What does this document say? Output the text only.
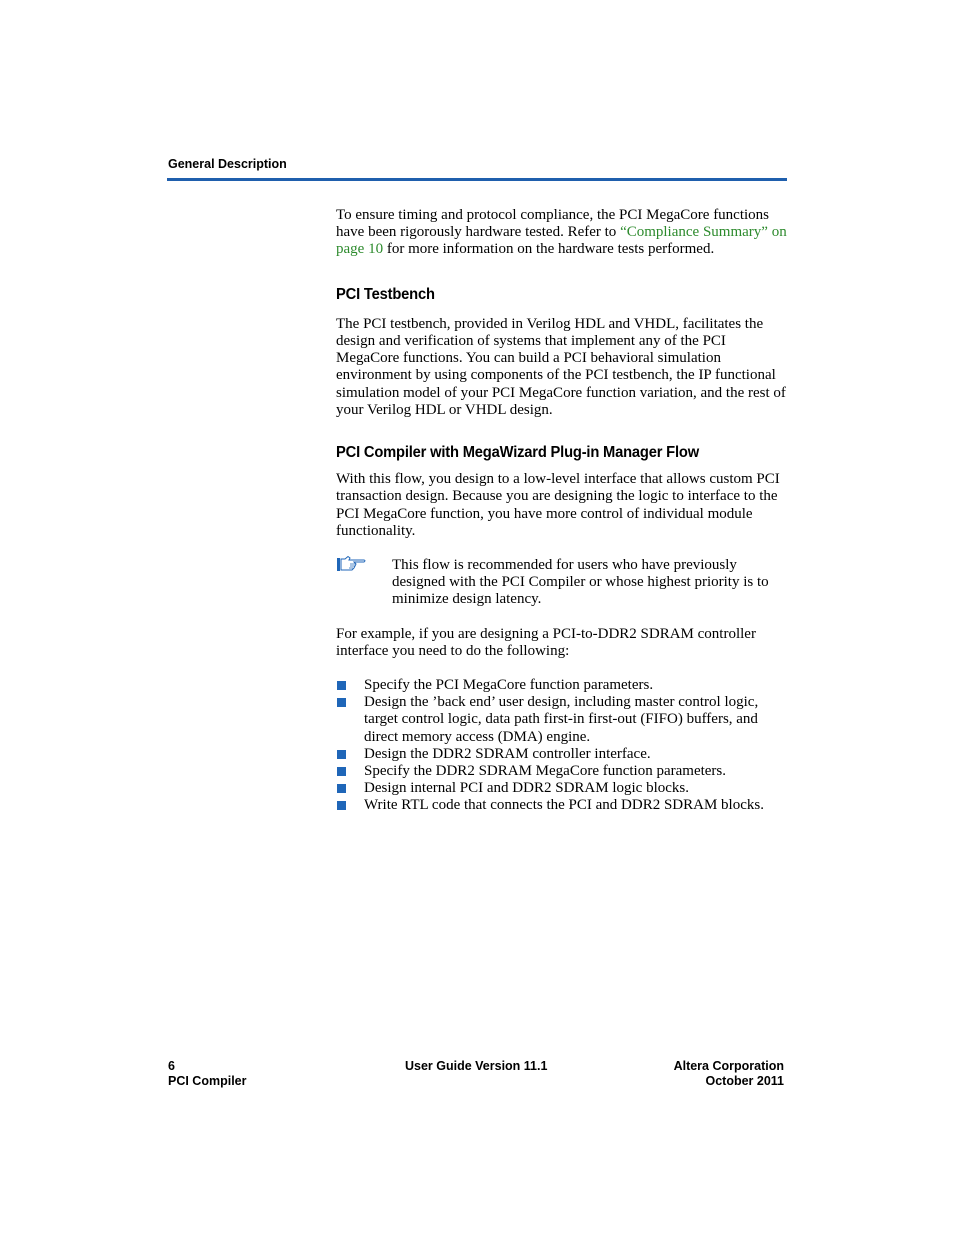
General Description

To ensure timing and protocol compliance, the PCI MegaCore functions have been rigorously hardware tested. Refer to “Compliance Summary” on page 10 for more information on the hardware tests performed.

PCI Testbench

The PCI testbench, provided in Verilog HDL and VHDL, facilitates the design and verification of systems that implement any of the PCI MegaCore functions. You can build a PCI behavioral simulation environment by using components of the PCI testbench, the IP functional simulation model of your PCI MegaCore function variation, and the rest of your Verilog HDL or VHDL design.

PCI Compiler with MegaWizard Plug-in Manager Flow

With this flow, you design to a low-level interface that allows custom PCI transaction design. Because you are designing the logic to interface to the PCI MegaCore function, you have more control of individual module functionality.

This flow is recommended for users who have previously designed with the PCI Compiler or whose highest priority is to minimize design latency.

For example, if you are designing a PCI-to-DDR2 SDRAM controller interface you need to do the following:

Specify the PCI MegaCore function parameters.
Design the ’back end’ user design, including master control logic, target control logic, data path first-in first-out (FIFO) buffers, and direct memory access (DMA) engine.
Design the DDR2 SDRAM controller interface.
Specify the DDR2 SDRAM MegaCore function parameters.
Design internal PCI and DDR2 SDRAM logic blocks.
Write RTL code that connects the PCI and DDR2 SDRAM blocks.
6
PCI Compiler
User Guide Version 11.1	Altera Corporation
October 2011
